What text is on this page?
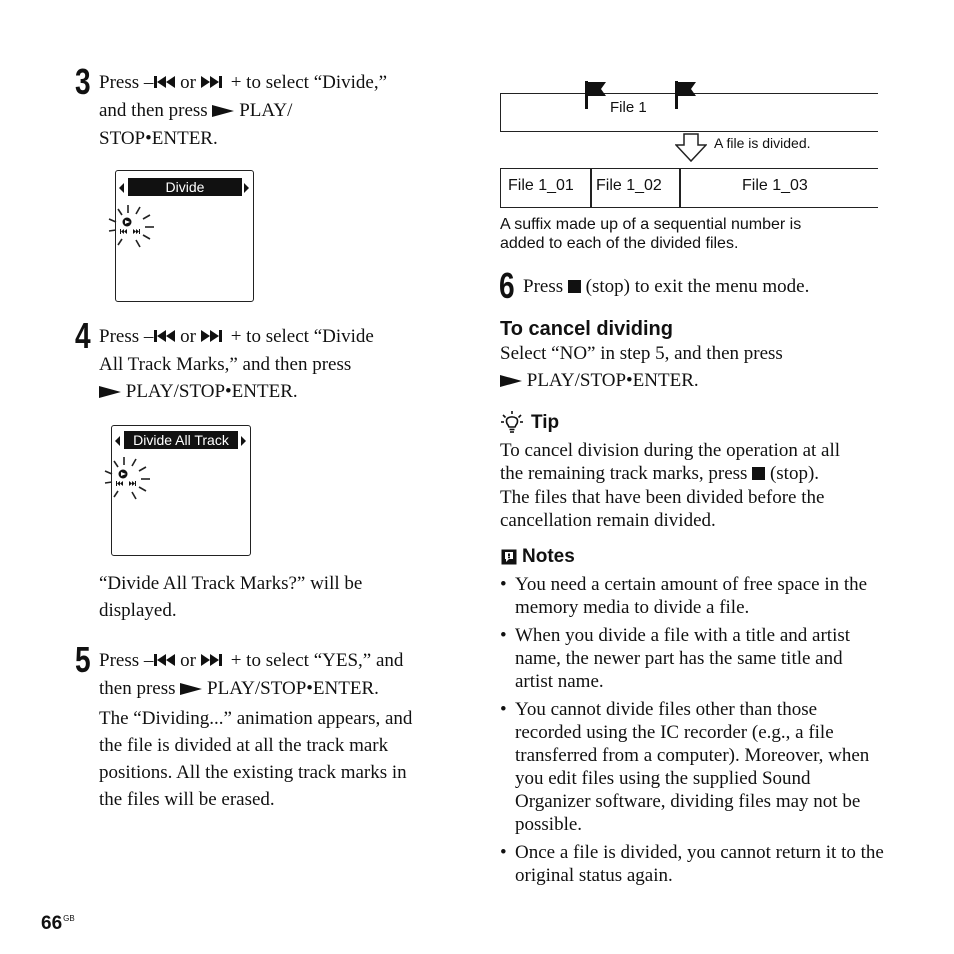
3 Press – or + to select “Divide,”
and then press  PLAY/
STOP•ENTER.
Divide
4 Press – or + to select “Divide
All Track Marks,” and then press
PLAY/STOP•ENTER.
Divide All Track
“Divide All Track Marks?” will be
displayed.
5 Press – or + to select “YES,” and
then press  PLAY/STOP•ENTER.
The “Dividing...” animation appears, and
the file is divided at all the track mark
positions. All the existing track marks in
the files will be erased.
File 1
A file is divided.
File 1_01 File 1_02	File 1_03
A suffix made up of a sequential number is
added to each of the divided files.
6 Press  (stop) to exit the menu mode.
To cancel dividing
Select “NO” in step 5, and then press
PLAY/STOP•ENTER.
Tip
To cancel division during the operation at all
the remaining track marks, press  (stop).
The files that have been divided before the
cancellation remain divided.
Notes
• You need a certain amount of free space in the memory media to divide a file.
• When you divide a file with a title and artist name, the newer part has the same title and artist name.
• You cannot divide files other than those recorded using the IC recorder (e.g., a file transferred from a computer). Moreover, when you edit files using the supplied Sound Organizer software, dividing files may not be possible.
• Once a file is divided, you cannot return it to the original status again.
$66^{GB}$
